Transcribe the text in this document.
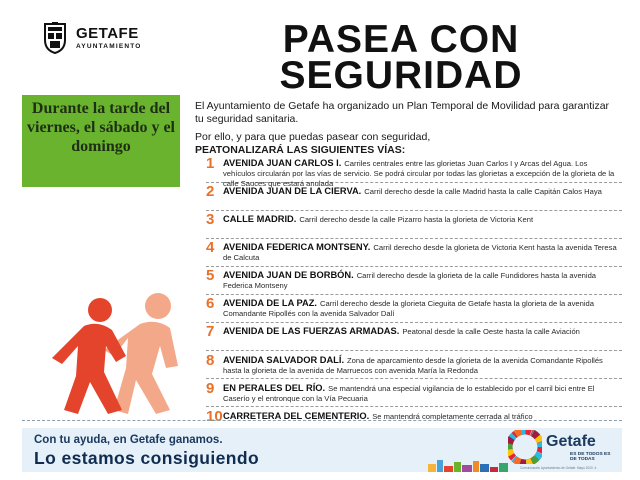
GETAFE
AYUNTAMIENTO	PASEA CON
SEGURIDAD
Durante la tarde del viernes, el sábado y el domingo

El Ayuntamiento de Getafe ha organizado un Plan Temporal de Movilidad para garantizar tu seguridad sanitaria.

Por ello, y para que puedas pasear con seguridad,

PEATONALIZARÁ LAS SIGUIENTES VÍAS:

1 AVENIDA JUAN CARLOS I. Carriles centrales entre las glorietas Juan Carlos I y Arcas del Agua. Los vehículos circularán por las vías de servicio. Se podrá circular por todas las glorietas a excepción de la glorieta de la calle Sauces que estará anulada
2 AVENIDA JUAN DE LA CIERVA. Carril derecho desde la calle Madrid hasta la calle Capitán Calos Haya
3 CALLE MADRID. Carril derecho desde la calle Pizarro hasta la glorieta de Victoria Kent
4 AVENIDA FEDERICA MONTSENY. Carril derecho desde la glorieta de Victoria Kent hasta la avenida Teresa de Calcuta
5 AVENIDA JUAN DE BORBÓN. Carril derecho desde la glorieta de la calle Fundidores hasta la avenida Federica Montseny
6 AVENIDA DE LA PAZ. Carril derecho desde la glorieta Cieguita de Getafe hasta la glorieta de la avenida Comandante Ripollés con la avenida Salvador Dalí
7 AVENIDA DE LAS FUERZAS ARMADAS. Peatonal desde la calle Oeste hasta la calle Aviación
8 AVENIDA SALVADOR DALÍ. Zona de aparcamiento desde la glorieta de la avenida Comandante Ripollés hasta la glorieta de la avenida de Marruecos con avenida María la Redonda
9 EN PERALES DEL RÍO. Se mantendrá una especial vigilancia de lo establecido por el carril bici entre El Caserío y el entronque con la Vía Pecuaria
10 CARRETERA DEL CEMENTERIO. Se mantendrá completamente cerrada al tráfico
Con tu ayuda, en Getafe ganamos.
Lo estamos consiguiendo
Getafe
ES DE TODOS ES DE TODAS
Comunicación Ayuntamiento de Getafe. Mayo 2020. 4
